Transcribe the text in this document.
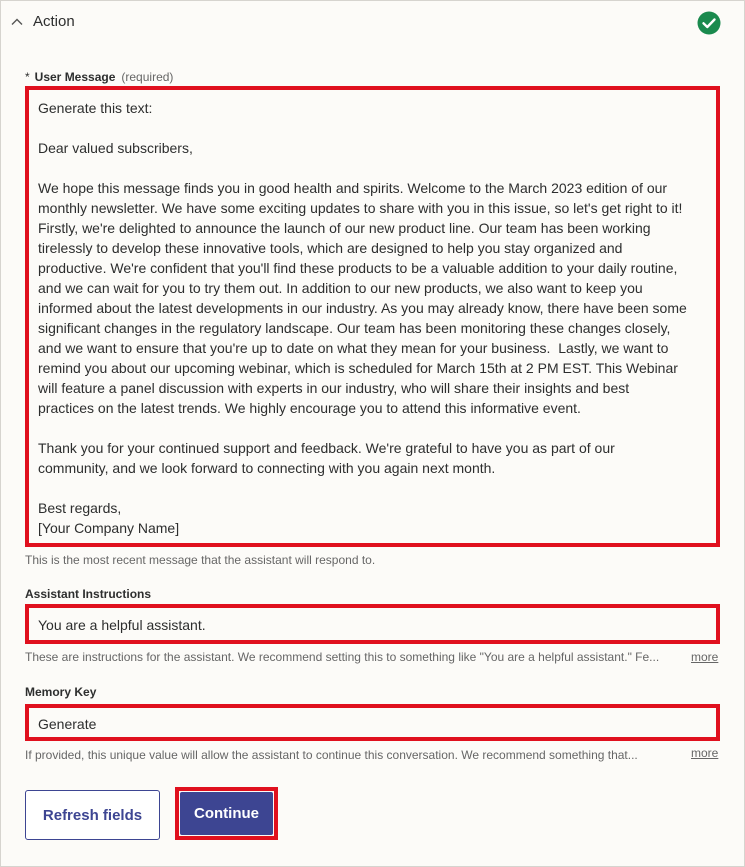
Action
* User Message (required)

Generate this text:

Dear valued subscribers,

We hope this message finds you in good health and spirits. Welcome to the March 2023 edition of our

monthly newsletter. We have some exciting updates to share with you in this issue, so let's get right to it!

Firstly, we're delighted to announce the launch of our new product line. Our team has been working

tirelessly to develop these innovative tools, which are designed to help you stay organized and

productive. We're confident that you'll find these products to be a valuable addition to your daily routine,

and we can wait for you to try them out. In addition to our new products, we also want to keep you

informed about the latest developments in our industry. As you may already know, there have been some

significant changes in the regulatory landscape. Our team has been monitoring these changes closely,

and we want to ensure that you're up to date on what they mean for your business.  Lastly, we want to

remind you about our upcoming webinar, which is scheduled for March 15th at 2 PM EST. This Webinar

will feature a panel discussion with experts in our industry, who will share their insights and best

practices on the latest trends. We highly encourage you to attend this informative event.

Thank you for your continued support and feedback. We're grateful to have you as part of our

community, and we look forward to connecting with you again next month.

Best regards,

[Your Company Name]

This is the most recent message that the assistant will respond to.
Assistant Instructions
You are a helpful assistant.
These are instructions for the assistant. We recommend setting this to something like "You are a helpful assistant." Fe...	more
Memory Key
Generate
If provided, this unique value will allow the assistant to continue this conversation. We recommend something that...	more
Refresh fields	Continue
